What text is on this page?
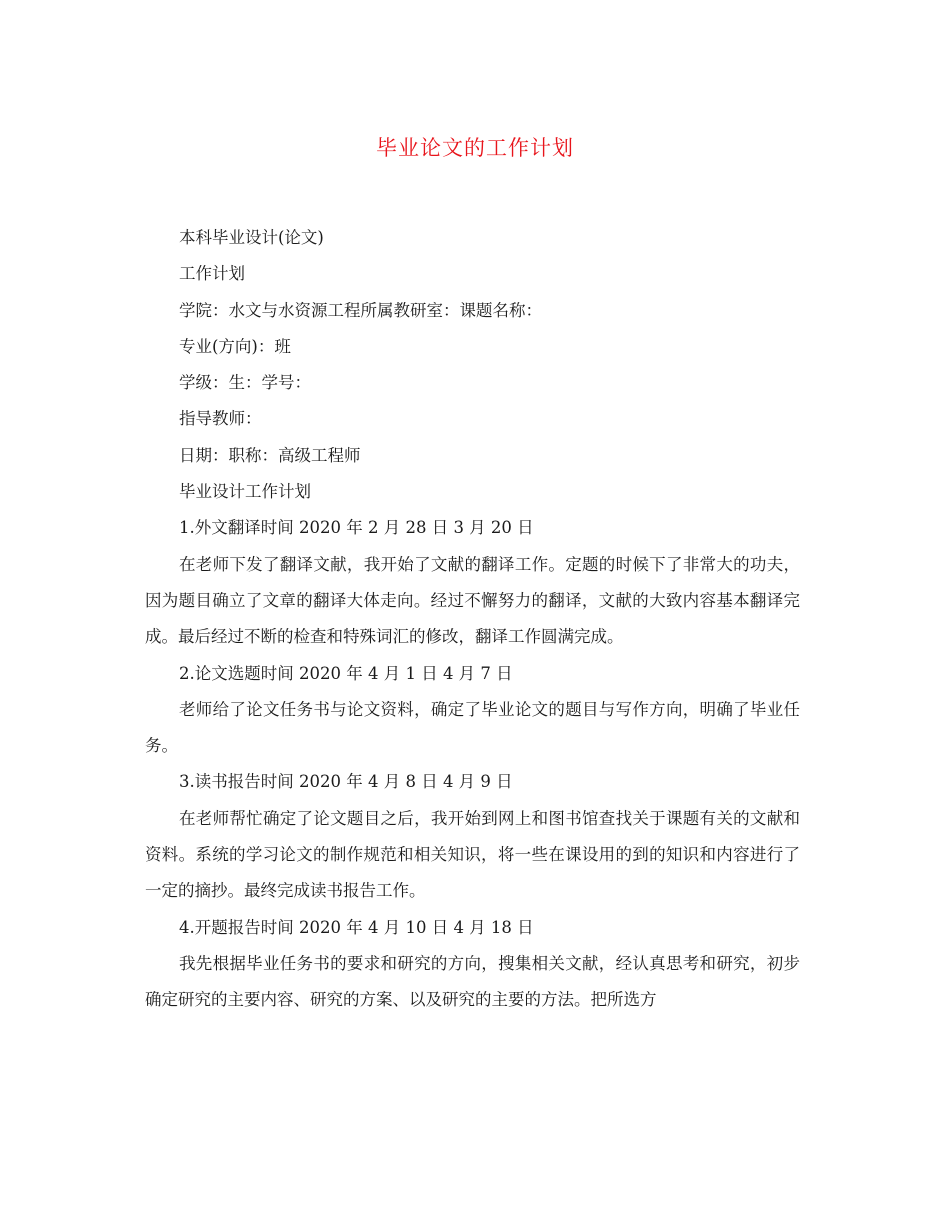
毕业论文的工作计划

本科毕业设计(论文)

工作计划

学院：水文与水资源工程所属教研室：课题名称：

专业(方向)：班

学级：生：学号：

指导教师：

日期：职称：高级工程师

毕业设计工作计划

1.外文翻译时间 2020 年 2 月 28 日 3 月 20 日

在老师下发了翻译文献，我开始了文献的翻译工作。定题的时候下了非常大的功夫，因为题目确立了文章的翻译大体走向。经过不懈努力的翻译，文献的大致内容基本翻译完成。最后经过不断的检查和特殊词汇的修改，翻译工作圆满完成。

2.论文选题时间 2020 年 4 月 1 日 4 月 7 日

老师给了论文任务书与论文资料，确定了毕业论文的题目与写作方向，明确了毕业任务。

3.读书报告时间 2020 年 4 月 8 日 4 月 9 日

在老师帮忙确定了论文题目之后，我开始到网上和图书馆查找关于课题有关的文献和资料。系统的学习论文的制作规范和相关知识，将一些在课设用的到的知识和内容进行了一定的摘抄。最终完成读书报告工作。

4.开题报告时间 2020 年 4 月 10 日 4 月 18 日

我先根据毕业任务书的要求和研究的方向，搜集相关文献，经认真思考和研究，初步确定研究的主要内容、研究的方案、以及研究的主要的方法。把所选方
